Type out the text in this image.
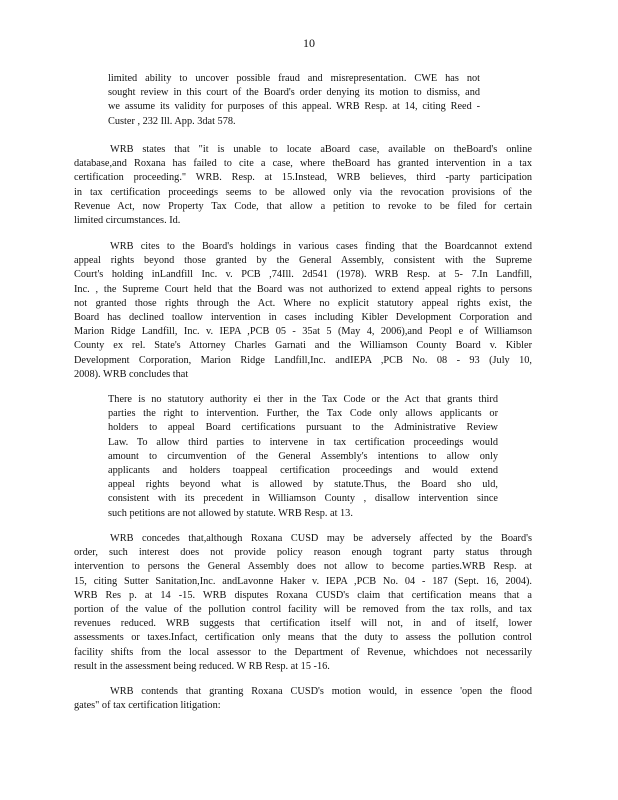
10
limited ability to uncover possible fraud and misrepresentation. CWE has not
sought review in this court of the Board's order denying its motion to dismiss, and
we assume its validity for purposes of this appeal. WRB Resp. at 14, citing Reed -
Custer , 232 Ill. App. 3dat 578.
WRB states that "it is unable to locate aBoard case, available on theBoard's online
database,and Roxana has failed to cite a case, where theBoard has granted intervention in a tax
certification proceeding." WRB. Resp. at 15.Instead, WRB believes, third -party participation
in tax certification proceedings seems to be allowed only via the revocation provisions of the
Revenue Act, now Property Tax Code, that allow a petition to revoke to be filed for certain
limited circumstances. Id.
WRB cites to the Board's holdings in various cases finding that the Boardcannot extend
appeal rights beyond those granted by the General Assembly, consistent with the Supreme
Court's holding inLandfill Inc. v. PCB ,74Ill. 2d541 (1978). WRB Resp. at 5- 7.In Landfill,
Inc. , the Supreme Court held that the Board was not authorized to extend appeal rights to persons
not granted those rights through the Act. Where no explicit statutory appeal rights exist, the
Board has declined toallow intervention in cases including Kibler Development Corporation and
Marion Ridge Landfill, Inc. v. IEPA ,PCB 05 - 35at 5 (May 4, 2006),and Peopl e of Williamson
County ex rel. State's Attorney Charles Garnati and the Williamson County Board v. Kibler
Development Corporation, Marion Ridge Landfill,Inc. andIEPA ,PCB No. 08 - 93 (July 10,
2008). WRB concludes that
There is no statutory authority ei ther in the Tax Code or the Act that grants third
parties the right to intervention. Further, the Tax Code only allows applicants or
holders to appeal Board certifications pursuant to the Administrative Review
Law. To allow third parties to intervene in tax certification proceedings would
amount to circumvention of the General Assembly's intentions to allow only
applicants and holders toappeal certification proceedings and would extend
appeal rights beyond what is allowed by statute.Thus, the Board sho uld,
consistent with its precedent in Williamson County , disallow intervention since
such petitions are not allowed by statute. WRB Resp. at 13.
WRB concedes that,although Roxana CUSD may be adversely affected by the Board's
order, such interest does not provide policy reason enough togrant party status through
intervention to persons the General Assembly does not allow to become parties.WRB Resp. at
15, citing Sutter Sanitation,Inc. andLavonne Haker v. IEPA ,PCB No. 04 - 187 (Sept. 16, 2004).
WRB Res p. at 14 -15. WRB disputes Roxana CUSD's claim that certification means that a
portion of the value of the pollution control facility will be removed from the tax rolls, and tax
revenues reduced. WRB suggests that certification itself will not, in and of itself, lower
assessments or taxes.Infact, certification only means that the duty to assess the pollution control
facility shifts from the local assessor to the Department of Revenue, whichdoes not necessarily
result in the assessment being reduced. W RB Resp. at 15 -16.
WRB contends that granting Roxana CUSD's motion would, in essence 'open the flood
gates" of tax certification litigation:
